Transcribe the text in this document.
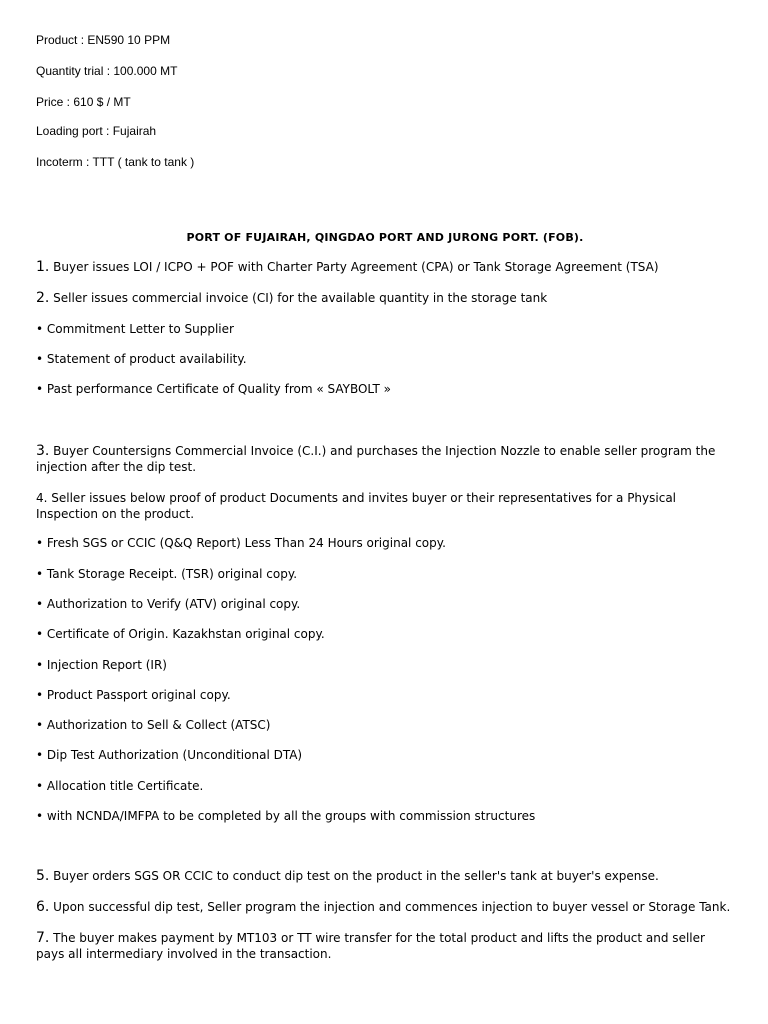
Product : EN590 10 PPM

Quantity trial : 100.000 MT

Price : 610 $ / MT

Loading port : Fujairah

Incoterm : TTT ( tank to tank )

PORT OF FUJAIRAH, QINGDAO PORT AND JURONG PORT. (FOB).

1. Buyer issues LOI / ICPO + POF with Charter Party Agreement (CPA) or Tank Storage Agreement (TSA)

2. Seller issues commercial invoice (CI) for the available quantity in the storage tank

• Commitment Letter to Supplier

• Statement of product availability.

• Past performance Certificate of Quality from « SAYBOLT »

3. Buyer Countersigns Commercial Invoice (C.I.) and purchases the Injection Nozzle to enable seller program the injection after the dip test.

4. Seller issues below proof of product Documents and invites buyer or their representatives for a Physical Inspection on the product.

• Fresh SGS or CCIC (Q&Q Report) Less Than 24 Hours original copy.

• Tank Storage Receipt. (TSR) original copy.

• Authorization to Verify (ATV) original copy.

• Certificate of Origin. Kazakhstan original copy.

• Injection Report (IR)

• Product Passport original copy.

• Authorization to Sell & Collect (ATSC)

• Dip Test Authorization (Unconditional DTA)

• Allocation title Certificate.

• with NCNDA/IMFPA to be completed by all the groups with commission structures

5. Buyer orders SGS OR CCIC to conduct dip test on the product in the seller's tank at buyer's expense.

6. Upon successful dip test, Seller program the injection and commences injection to buyer vessel or Storage Tank.

7. The buyer makes payment by MT103 or TT wire transfer for the total product and lifts the product and seller pays all intermediary involved in the transaction.
